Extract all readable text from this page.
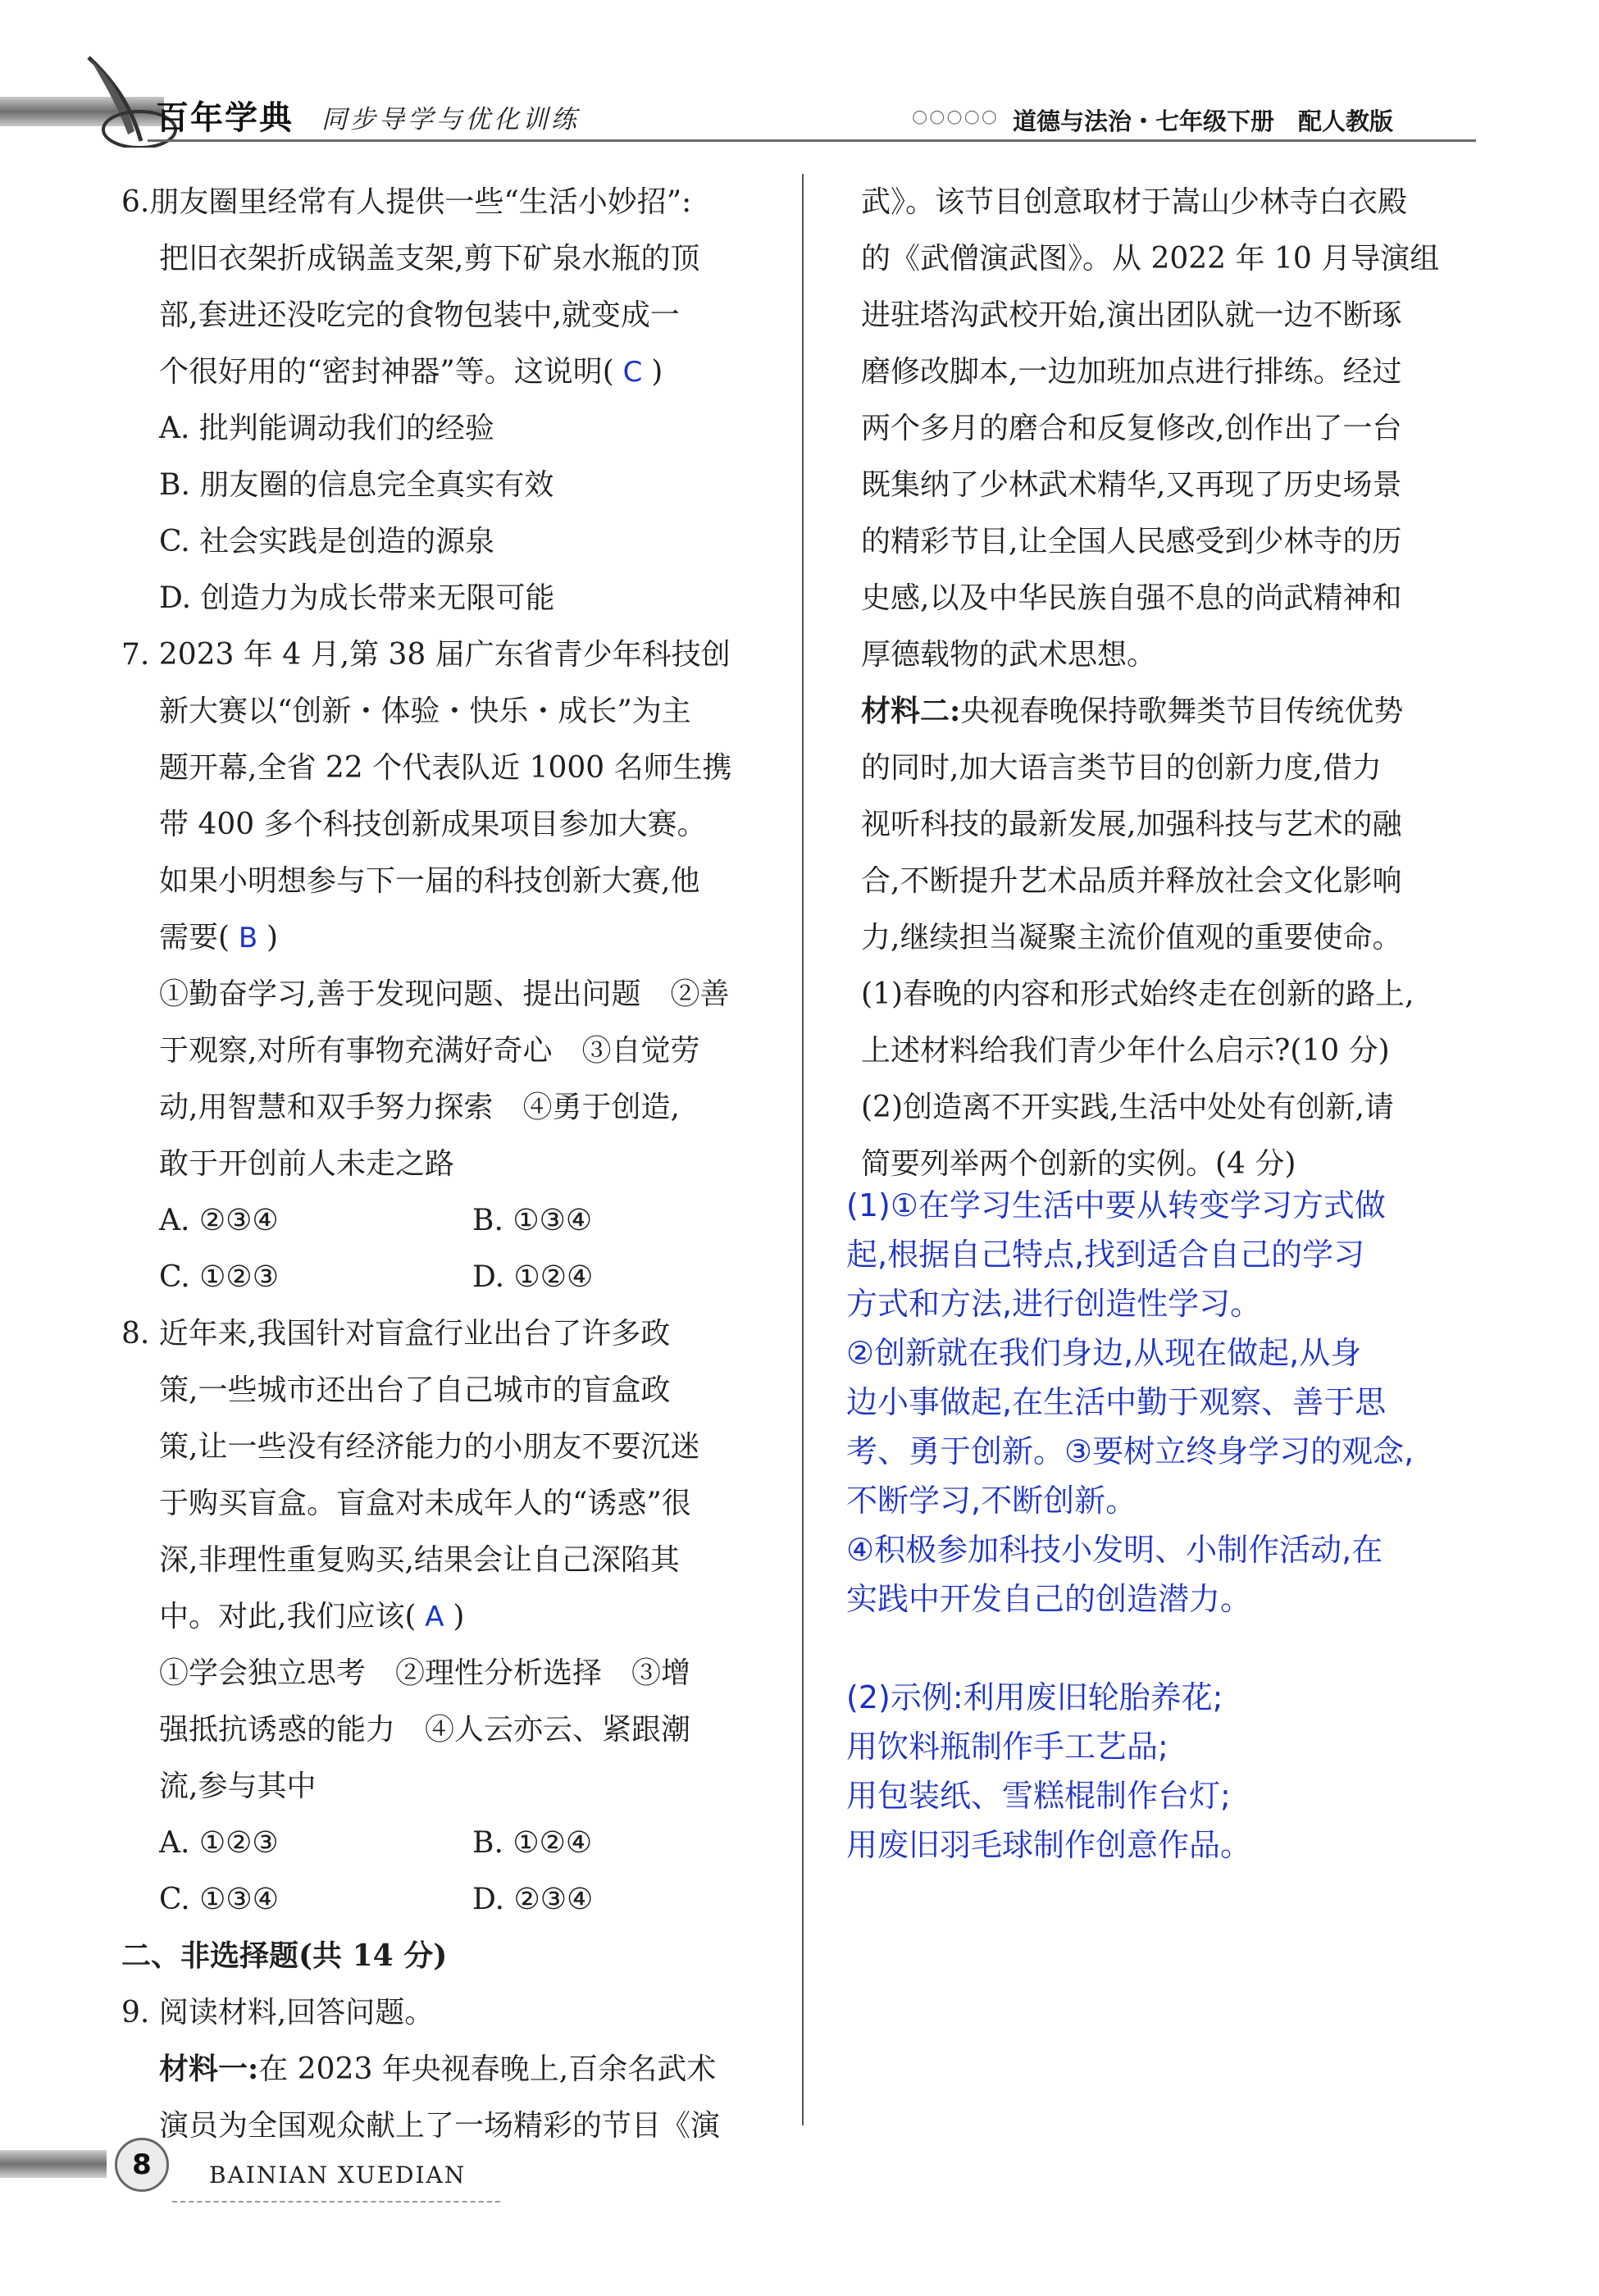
百年学典 同步导学与优化训练	○○○○○ 道德与法治・七年级下册　配人教版
6.朋友圈里经常有人提供一些“生活小妙招”:
把旧衣架折成锅盖支架,剪下矿泉水瓶的顶
部,套进还没吃完的食物包装中,就变成一
个很好用的“密封神器”等。这说明( C )
A. 批判能调动我们的经验
B. 朋友圈的信息完全真实有效
C. 社会实践是创造的源泉
D. 创造力为成长带来无限可能
7. 2023 年 4 月,第 38 届广东省青少年科技创
新大赛以“创新・体验・快乐・成长”为主
题开幕,全省 22 个代表队近 1000 名师生携
带 400 多个科技创新成果项目参加大赛。
如果小明想参与下一届的科技创新大赛,他
需要( B )
①勤奋学习,善于发现问题、提出问题　②善
于观察,对所有事物充满好奇心　③自觉劳
动,用智慧和双手努力探索　④勇于创造,
敢于开创前人未走之路
A. ②③④	B. ①③④
C. ①②③	D. ①②④
8. 近年来,我国针对盲盒行业出台了许多政
策,一些城市还出台了自己城市的盲盒政
策,让一些没有经济能力的小朋友不要沉迷
于购买盲盒。盲盒对未成年人的“诱惑”很
深,非理性重复购买,结果会让自己深陷其
中。对此,我们应该( A )
①学会独立思考　②理性分析选择　③增
强抵抗诱惑的能力　④人云亦云、紧跟潮
流,参与其中
A. ①②③	B. ①②④
C. ①③④	D. ②③④
二、非选择题(共 14 分)
9. 阅读材料,回答问题。
材料一:在 2023 年央视春晚上,百余名武术
演员为全国观众献上了一场精彩的节目《演
武》。该节目创意取材于嵩山少林寺白衣殿
的《武僧演武图》。从 2022 年 10 月导演组
进驻塔沟武校开始,演出团队就一边不断琢
磨修改脚本,一边加班加点进行排练。经过
两个多月的磨合和反复修改,创作出了一台
既集纳了少林武术精华,又再现了历史场景
的精彩节目,让全国人民感受到少林寺的历
史感,以及中华民族自强不息的尚武精神和
厚德载物的武术思想。
材料二:央视春晚保持歌舞类节目传统优势
的同时,加大语言类节目的创新力度,借力
视听科技的最新发展,加强科技与艺术的融
合,不断提升艺术品质并释放社会文化影响
力,继续担当凝聚主流价值观的重要使命。
(1)春晚的内容和形式始终走在创新的路上,
上述材料给我们青少年什么启示?(10 分)
(2)创造离不开实践,生活中处处有创新,请
简要列举两个创新的实例。(4 分)
(1)①在学习生活中要从转变学习方式做
起,根据自己特点,找到适合自己的学习
方式和方法,进行创造性学习。
②创新就在我们身边,从现在做起,从身
边小事做起,在生活中勤于观察、善于思
考、勇于创新。③要树立终身学习的观念,
不断学习,不断创新。
④积极参加科技小发明、小制作活动,在
实践中开发自己的创造潜力。
(2)示例:利用废旧轮胎养花;
用饮料瓶制作手工艺品;
用包装纸、雪糕棍制作台灯;
用废旧羽毛球制作创意作品。
8	BAINIAN XUEDIAN
